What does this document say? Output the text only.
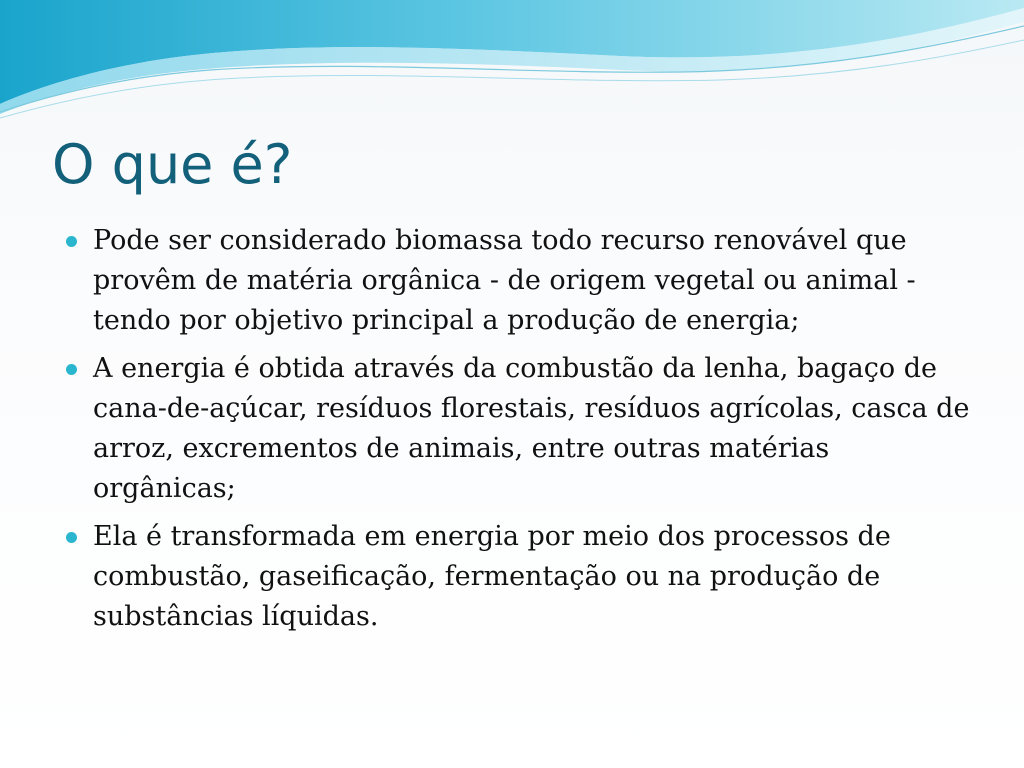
O que é?
Pode ser considerado biomassa todo recurso renovável que provêm de matéria orgânica - de origem vegetal ou animal - tendo por objetivo principal a produção de energia;
A energia é obtida através da combustão da lenha, bagaço de cana-de-açúcar, resíduos florestais, resíduos agrícolas, casca de arroz, excrementos de animais, entre outras matérias orgânicas;
Ela é transformada em energia por meio dos processos de combustão, gaseificação, fermentação ou na produção de substâncias líquidas.
